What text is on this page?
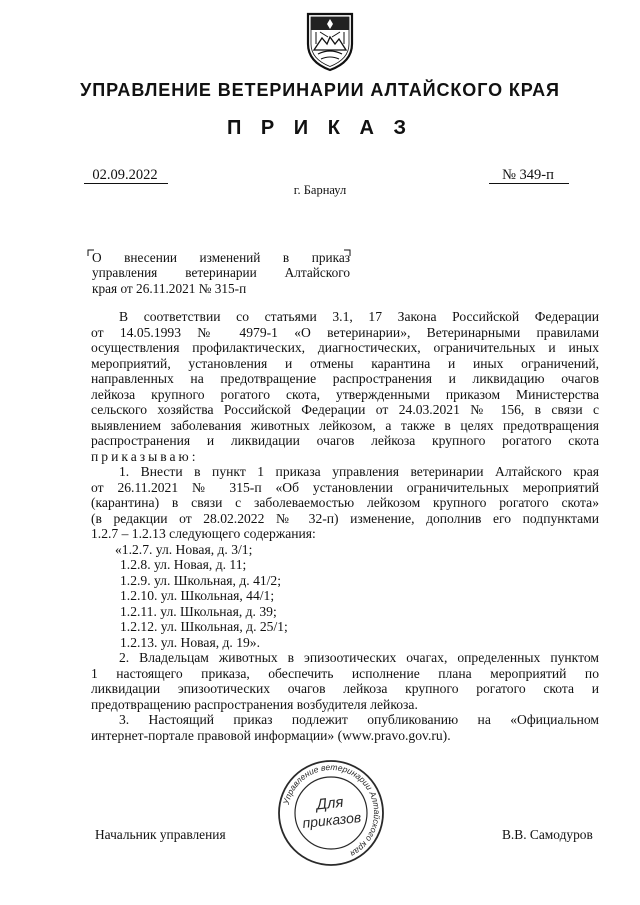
УПРАВЛЕНИЕ ВЕТЕРИНАРИИ АЛТАЙСКОГО КРАЯ
П Р И К А З
02.09.2022	№ 349-п
г. Барнаул
О внесении изменений в приказ
управления ветеринарии Алтайского
края от 26.11.2021 № 315-п
В соответствии со статьями 3.1, 17 Закона Российской Федерации
от 14.05.1993 № 4979-1 «О ветеринарии», Ветеринарными правилами
осуществления профилактических, диагностических, ограничительных и иных
мероприятий, установления и отмены карантина и иных ограничений,
направленных на предотвращение распространения и ликвидацию очагов
лейкоза крупного рогатого скота, утвержденными приказом Министерства
сельского хозяйства Российской Федерации от 24.03.2021 № 156, в связи с
выявлением заболевания животных лейкозом, а также в целях предотвращения
распространения и ликвидации очагов лейкоза крупного рогатого скота
приказываю:
1. Внести в пункт 1 приказа управления ветеринарии Алтайского края
от 26.11.2021 № 315-п «Об установлении ограничительных мероприятий
(карантина) в связи с заболеваемостью лейкозом крупного рогатого скота»
(в редакции от 28.02.2022 № 32-п) изменение, дополнив его подпунктами
1.2.7 – 1.2.13 следующего содержания:
«1.2.7. ул. Новая, д. 3/1;
1.2.8. ул. Новая, д. 11;
1.2.9. ул. Школьная, д. 41/2;
1.2.10. ул. Школьная, 44/1;
1.2.11. ул. Школьная, д. 39;
1.2.12. ул. Школьная, д. 25/1;
1.2.13. ул. Новая, д. 19».
2. Владельцам животных в эпизоотических очагах, определенных пунктом
1 настоящего приказа, обеспечить исполнение плана мероприятий по
ликвидации эпизоотических очагов лейкоза крупного рогатого скота и
предотвращению распространения возбудителя лейкоза.
3. Настоящий приказ подлежит опубликованию на «Официальном
интернет-портале правовой информации» (www.pravo.gov.ru).
Управление ветеринарии Алтайского края
Для
приказов
Начальник управления	В.В. Самодуров
